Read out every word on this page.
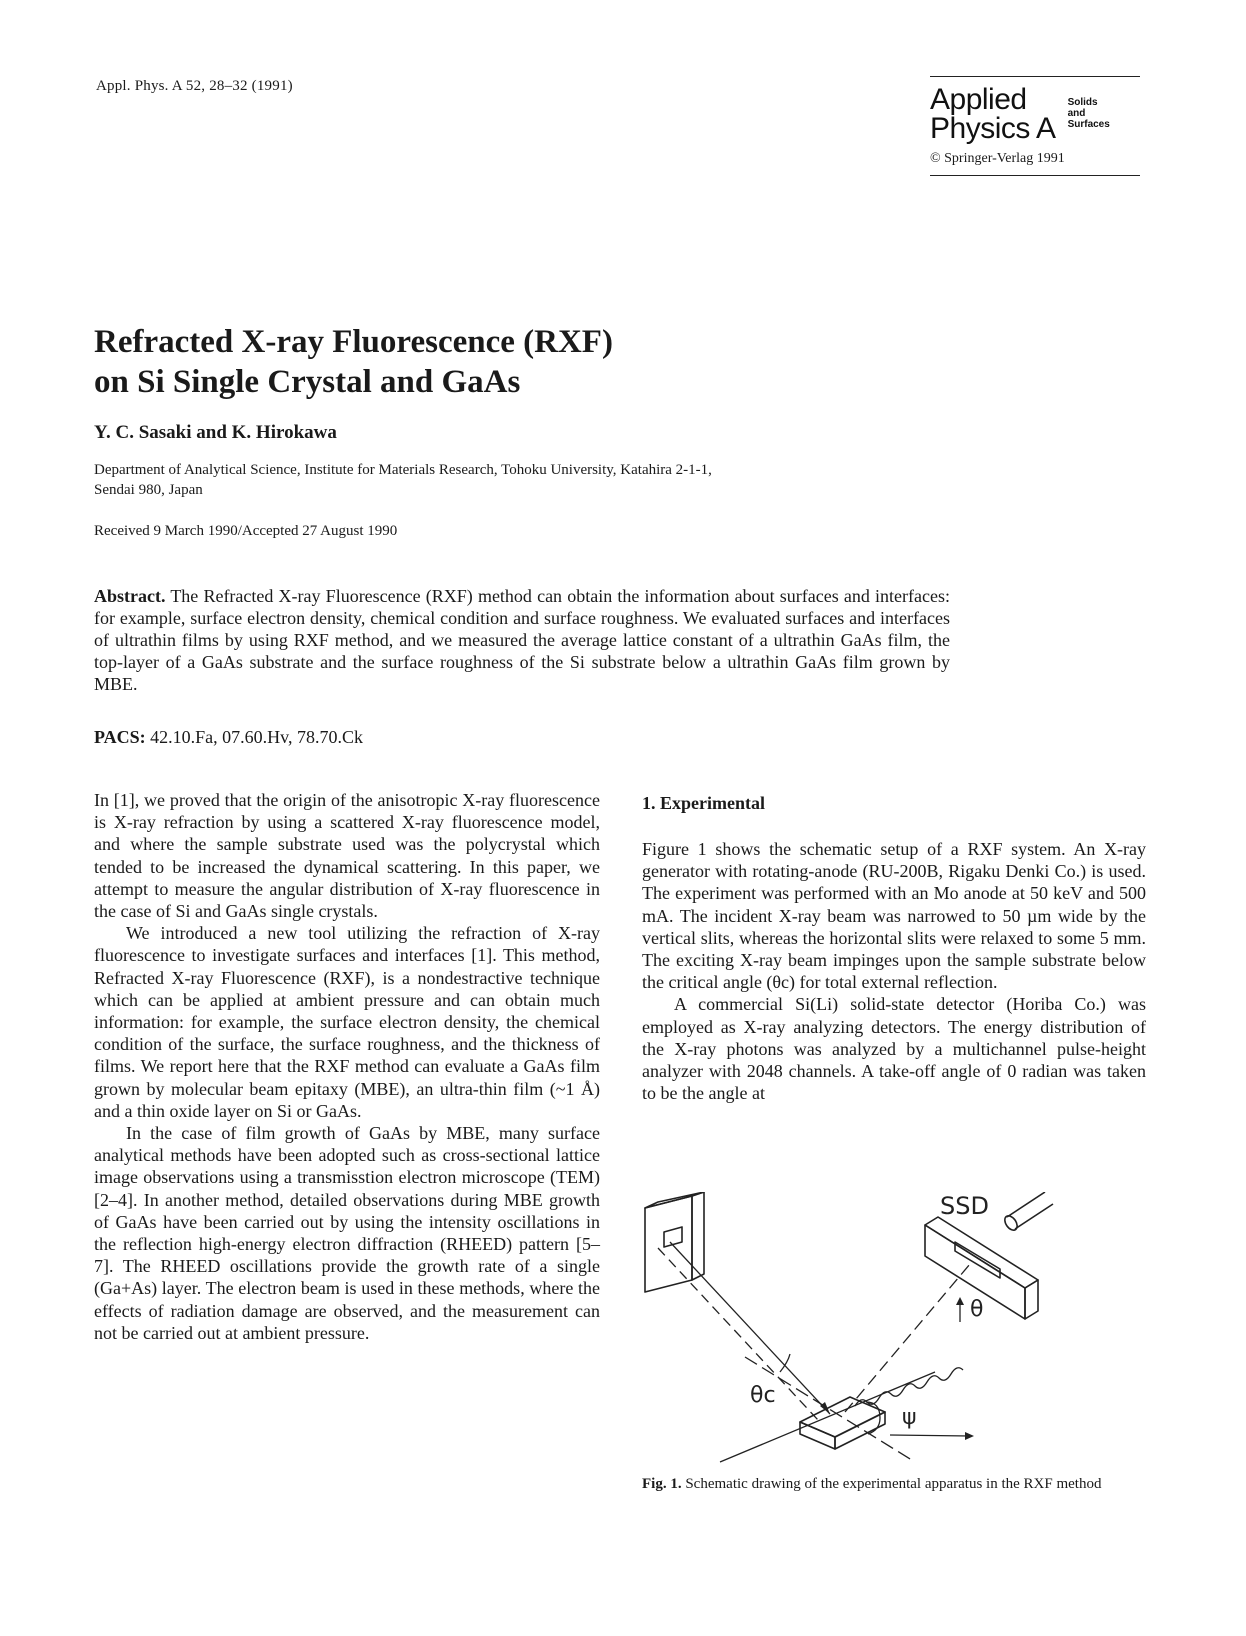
Appl. Phys. A 52, 28–32 (1991)	Applied
Physics A
Solids
and
Surfaces
© Springer-Verlag 1991
Refracted X-ray Fluorescence (RXF)
on Si Single Crystal and GaAs
Y. C. Sasaki and K. Hirokawa
Department of Analytical Science, Institute for Materials Research, Tohoku University, Katahira 2-1-1,
Sendai 980, Japan
Received 9 March 1990/Accepted 27 August 1990
Abstract. The Refracted X-ray Fluorescence (RXF) method can obtain the information about surfaces and interfaces: for example, surface electron density, chemical condition and surface roughness. We evaluated surfaces and interfaces of ultrathin films by using RXF method, and we measured the average lattice constant of a ultrathin GaAs film, the top-layer of a GaAs substrate and the surface roughness of the Si substrate below a ultrathin GaAs film grown by MBE.
PACS: 42.10.Fa, 07.60.Hv, 78.70.Ck

In [1], we proved that the origin of the anisotropic X-ray fluorescence is X-ray refraction by using a scattered X-ray fluorescence model, and where the sample substrate used was the polycrystal which tended to be increased the dynamical scattering. In this paper, we attempt to measure the angular distribution of X-ray fluorescence in the case of Si and GaAs single crystals.

We introduced a new tool utilizing the refraction of X-ray fluorescence to investigate surfaces and interfaces [1]. This method, Refracted X-ray Fluorescence (RXF), is a nondestractive technique which can be applied at ambient pressure and can obtain much information: for example, the surface electron density, the chemical condition of the surface, the surface roughness, and the thickness of films. We report here that the RXF method can evaluate a GaAs film grown by molecular beam epitaxy (MBE), an ultra-thin film (~1 Å) and a thin oxide layer on Si or GaAs.

In the case of film growth of GaAs by MBE, many surface analytical methods have been adopted such as cross-sectional lattice image observations using a transmisstion electron microscope (TEM) [2–4]. In another method, detailed observations during MBE growth of GaAs have been carried out by using the intensity oscillations in the reflection high-energy electron diffraction (RHEED) pattern [5–7]. The RHEED oscillations provide the growth rate of a single (Ga+As) layer. The electron beam is used in these methods, where the effects of radiation damage are observed, and the measurement can not be carried out at ambient pressure.

1. Experimental

Figure 1 shows the schematic setup of a RXF system. An X-ray generator with rotating-anode (RU-200B, Rigaku Denki Co.) is used. The experiment was performed with an Mo anode at 50 keV and 500 mA. The incident X-ray beam was narrowed to 50 µm wide by the vertical slits, whereas the horizontal slits were relaxed to some 5 mm. The exciting X-ray beam impinges upon the sample substrate below the critical angle (θc) for total external reflection.

A commercial Si(Li) solid-state detector (Horiba Co.) was employed as X-ray analyzing detectors. The energy distribution of the X-ray photons was analyzed by a multichannel pulse-height analyzer with 2048 channels. A take-off angle of 0 radian was taken to be the angle at

SSD
θ
θc
ψ
Fig. 1. Schematic drawing of the experimental apparatus in the RXF method
